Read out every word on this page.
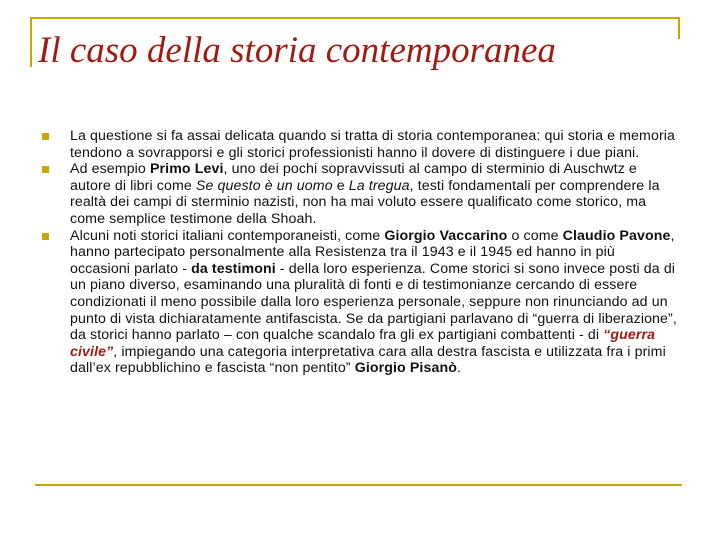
Il caso della storia contemporanea
La questione si fa assai delicata quando si tratta di storia contemporanea: qui storia e memoria tendono a sovrapporsi e gli storici professionisti hanno il dovere di distinguere i due piani.
Ad esempio Primo Levi, uno dei pochi sopravvissuti al campo di sterminio di Auschwtz e autore di libri come Se questo è un uomo e La tregua, testi fondamentali per comprendere la realtà dei campi di sterminio nazisti, non ha mai voluto essere qualificato come storico, ma come semplice testimone della Shoah.
Alcuni noti storici italiani contemporaneisti, come Giorgio Vaccarino o come Claudio Pavone, hanno partecipato personalmente alla Resistenza tra il 1943 e il 1945 ed hanno in più occasioni parlato - da testimoni - della loro esperienza. Come storici si sono invece posti da di un piano diverso, esaminando una pluralità di fonti e di testimonianze cercando di essere condizionati il meno possibile dalla loro esperienza personale, seppure non rinunciando ad un punto di vista dichiaratamente antifascista. Se da partigiani parlavano di “guerra di liberazione”, da storici hanno parlato – con qualche scandalo fra gli ex partigiani combattenti - di “guerra civile”, impiegando una categoria interpretativa cara alla destra fascista e utilizzata fra i primi dall’ex repubblichino e fascista “non pentito” Giorgio Pisanò.
